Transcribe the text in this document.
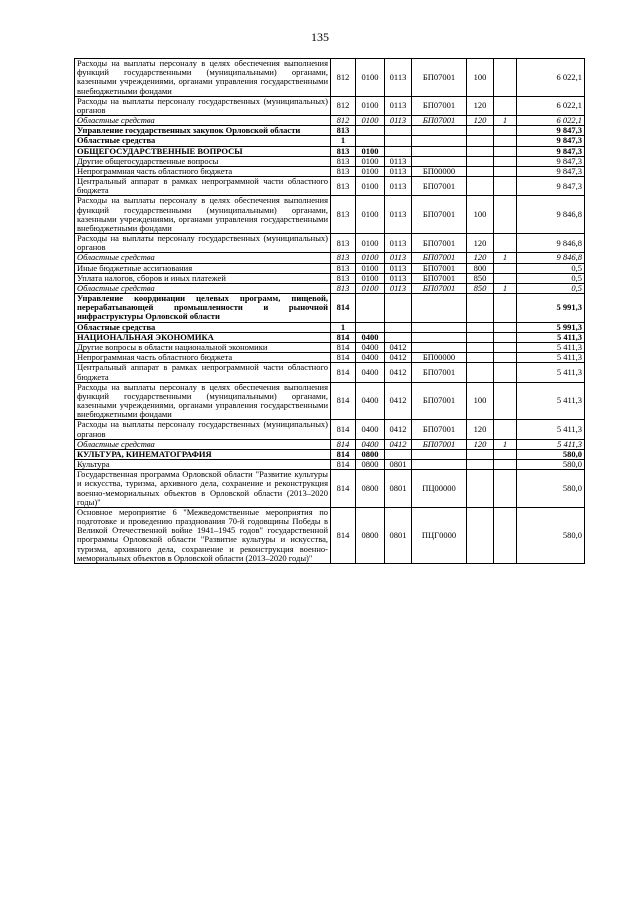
135
Расходы на выплаты персоналу в целях обеспечения выполнения функций государственными (муниципальными) органами, казенными учреждениями, органами управления государственными внебюджетными фондами	812	0100	0113	БП07001	100		6 022,1
Расходы на выплаты персоналу государственных (муниципальных) органов	812	0100	0113	БП07001	120		6 022,1
Областные средства	812	0100	0113	БП07001	120	1	6 022,1
Управление государственных закупок Орловской области	813						9 847,3
Областные средства	1						9 847,3
ОБЩЕГОСУДАРСТВЕННЫЕ ВОПРОСЫ	813	0100					9 847,3
Другие общегосударственные вопросы	813	0100	0113				9 847,3
Непрограммная часть областного бюджета	813	0100	0113	БП00000			9 847,3
Центральный аппарат в рамках непрограммной части областного бюджета	813	0100	0113	БП07001			9 847,3
Расходы на выплаты персоналу в целях обеспечения выполнения функций государственными (муниципальными) органами, казенными учреждениями, органами управления государственными внебюджетными фондами	813	0100	0113	БП07001	100		9 846,8
Расходы на выплаты персоналу государственных (муниципальных) органов	813	0100	0113	БП07001	120		9 846,8
Областные средства	813	0100	0113	БП07001	120	1	9 846,8
Иные бюджетные ассигнования	813	0100	0113	БП07001	800		0,5
Уплата налогов, сборов и иных платежей	813	0100	0113	БП07001	850		0,5
Областные средства	813	0100	0113	БП07001	850	1	0,5
Управление координации целевых программ, пищевой, перерабатывающей промышленности и рыночной инфраструктуры Орловской области	814						5 991,3
Областные средства	1						5 991,3
НАЦИОНАЛЬНАЯ ЭКОНОМИКА	814	0400					5 411,3
Другие вопросы в области национальной экономики	814	0400	0412				5 411,3
Непрограммная часть областного бюджета	814	0400	0412	БП00000			5 411,3
Центральный аппарат в рамках непрограммной части областного бюджета	814	0400	0412	БП07001			5 411,3
Расходы на выплаты персоналу в целях обеспечения выполнения функций государственными (муниципальными) органами, казенными учреждениями, органами управления государственными внебюджетными фондами	814	0400	0412	БП07001	100		5 411,3
Расходы на выплаты персоналу государственных (муниципальных) органов	814	0400	0412	БП07001	120		5 411,3
Областные средства	814	0400	0412	БП07001	120	1	5 411,3
КУЛЬТУРА, КИНЕМАТОГРАФИЯ	814	0800					580,0
Культура	814	0800	0801				580,0
Государственная программа Орловской области "Развитие культуры и искусства, туризма, архивного дела, сохранение и реконструкция военно-мемориальных объектов в Орловской области (2013–2020 годы)"	814	0800	0801	ПЦ00000			580,0
Основное мероприятие 6 "Межведомственные мероприятия по подготовке и проведению празднования 70-й годовщины Победы в Великой Отечественной войне 1941–1945 годов" государственной программы Орловской области "Развитие культуры и искусства, туризма, архивного дела, сохранение и реконструкция военно-мемориальных объектов в Орловской области (2013–2020 годы)"	814	0800	0801	ПЦГ0000			580,0
